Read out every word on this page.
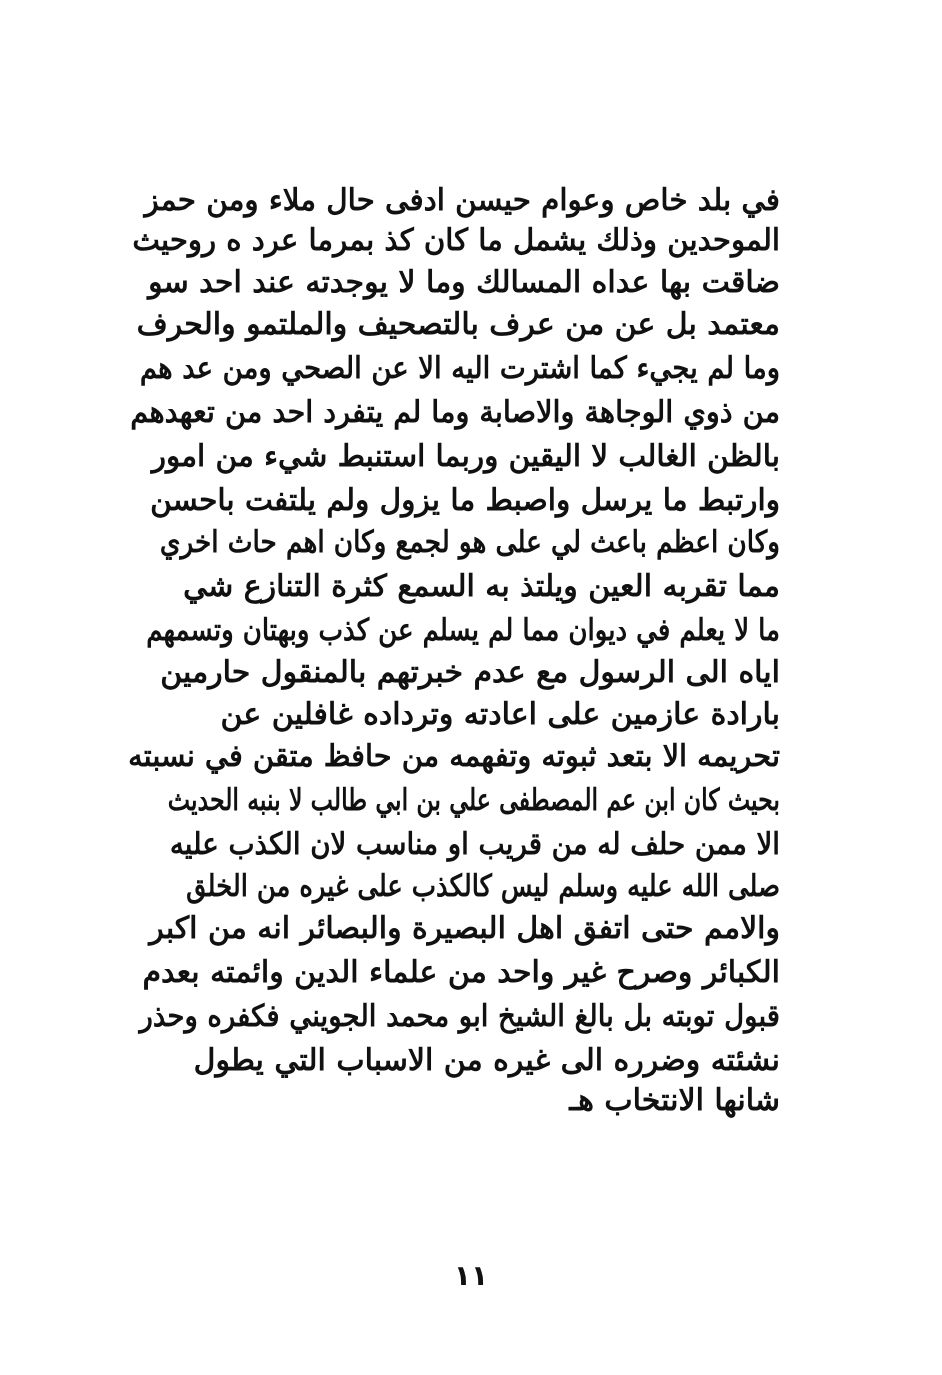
في بلد خاص وعوام حيسن ادفى حال ملاء ومن حمز
الموحدين وذلك يشمل ما كان كذ بمرما عرد ه روحيث
ضاقت بها عداه المسالك وما لا يوجدته عند احد سو
معتمد بل عن من عرف بالتصحيف والملتمو والحرف
وما لم يجيء كما اشترت اليه الا عن الصحي ومن عد هم
من ذوي الوجاهة والاصابة وما لم يتفرد احد من تعهدهم
بالظن الغالب لا اليقين وربما استنبط شيء من امور
وارتبط ما يرسل واصبط ما يزول ولم يلتفت باحسن
وكان اعظم باعث لي على هو لجمع وكان اهم حاث اخري
مما تقربه العين ويلتذ به السمع كثرة التنازع شي
ما لا يعلم في ديوان مما لم يسلم عن كذب وبهتان وتسمهم
اياه الى الرسول مع عدم خبرتهم بالمنقول حارمين
بارادة عازمين على اعادته وترداده غافلين عن
تحريمه الا بتعد ثبوته وتفهمه من حافظ متقن في نسبته
بحيث كان ابن عم المصطفى علي بن ابي طالب لا بنبه الحديث
الا ممن حلف له من قريب او مناسب لان الكذب عليه
صلى الله عليه وسلم ليس كالكذب على غيره من الخلق
والامم حتى اتفق اهل البصيرة والبصائر انه من اكبر
الكبائر وصرح غير واحد من علماء الدين وائمته بعدم
قبول توبته بل بالغ الشيخ ابو محمد الجويني فكفره وحذر
نشئته وضرره الى غيره من الاسباب التي يطول
شانها الانتخاب هـ
١١
